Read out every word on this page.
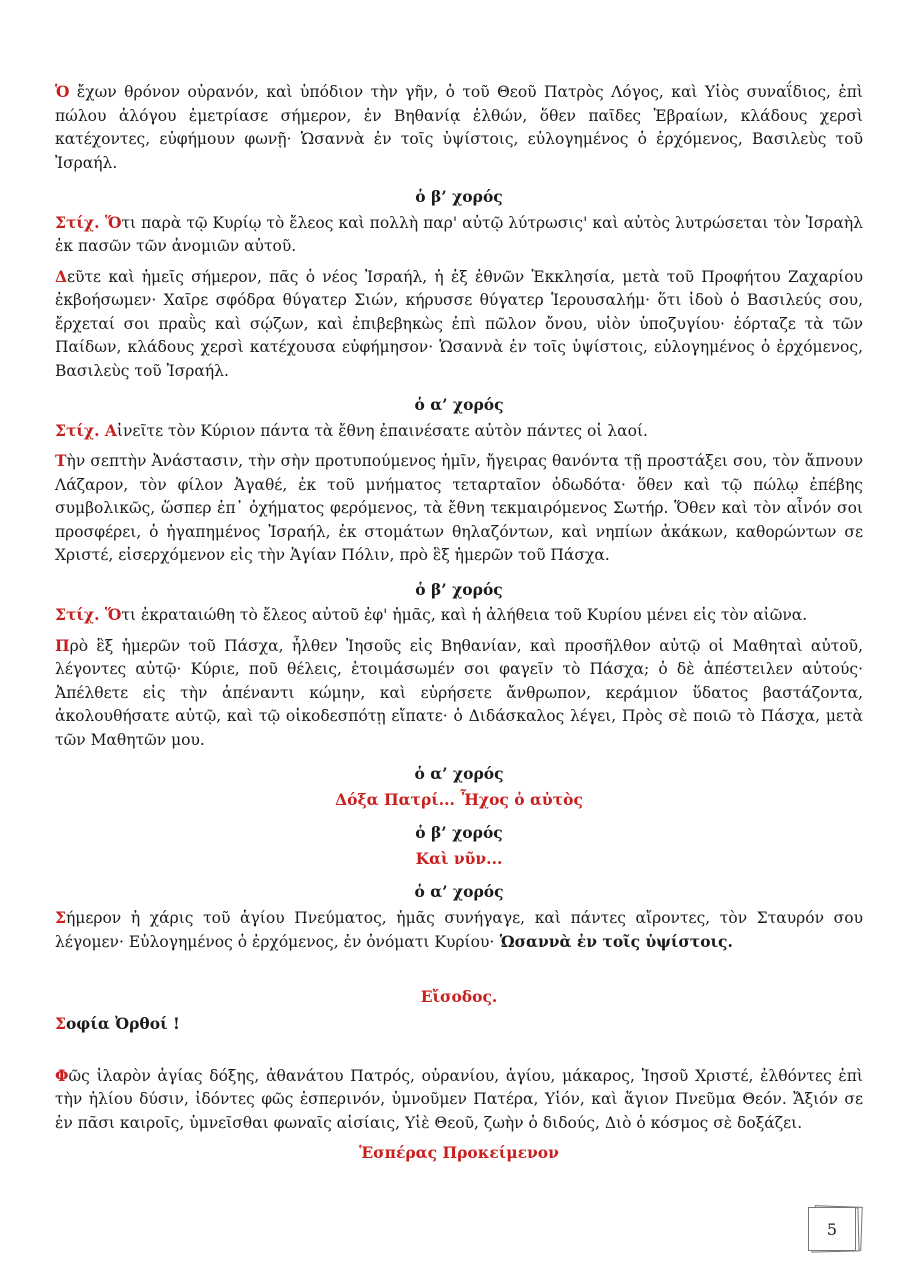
Ὁ ἔχων θρόνον οὐρανόν, καὶ ὑπόδιον τὴν γῆν, ὁ τοῦ Θεοῦ Πατρὸς Λόγος, καὶ Υἱὸς συναΐδιος, ἐπὶ πώλου ἀλόγου ἐμετρίασε σήμερον, ἐν Βηθανίᾳ ἐλθών, ὅθεν παῖδες Ἑβραίων, κλάδους χερσὶ κατέχοντες, εὐφήμουν φωνῇ· Ὡσαννὰ ἐν τοῖς ὑψίστοις, εὐλογημένος ὁ ἐρχόμενος, Βασιλεὺς τοῦ Ἰσραήλ.

ὁ β’ χορός

Στίχ. Ὅτι παρὰ τῷ Κυρίῳ τὸ ἔλεος καὶ πολλὴ παρ' αὐτῷ λύτρωσις' καὶ αὐτὸς λυτρώσεται τὸν Ἰσραὴλ ἐκ πασῶν τῶν ἀνομιῶν αὐτοῦ.

Δεῦτε καὶ ἡμεῖς σήμερον, πᾶς ὁ νέος Ἰσραήλ, ἡ ἐξ ἐθνῶν Ἐκκλησία, μετὰ τοῦ Προφήτου Ζαχαρίου ἐκβοήσωμεν· Χαῖρε σφόδρα θύγατερ Σιών, κήρυσσε θύγατερ Ἱερουσαλήμ· ὅτι ἰδοὺ ὁ Βασιλεύς σου, ἔρχεταί σοι πραῢς καὶ σῴζων, καὶ ἐπιβεβηκὼς ἐπὶ πῶλον ὄνου, υἱὸν ὑποζυγίου· ἑόρταζε τὰ τῶν Παίδων, κλάδους χερσὶ κατέχουσα εὐφήμησον· Ὡσαννὰ ἐν τοῖς ὑψίστοις, εὐλογημένος ὁ ἐρχόμενος, Βασιλεὺς τοῦ Ἰσραήλ.

ὁ α’ χορός

Στίχ. Αἰνεῖτε τὸν Κύριον πάντα τὰ ἔθνη ἐπαινέσατε αὐτὸν πάντες οἱ λαοί.

Τὴν σεπτὴν Ἀνάστασιν, τὴν σὴν προτυπούμενος ἡμῖν, ἤγειρας θανόντα τῇ προστάξει σου, τὸν ἄπνουν Λάζαρον, τὸν φίλον Ἀγαθέ, ἐκ τοῦ μνήματος τεταρταῖον ὀδωδότα· ὅθεν καὶ τῷ πώλῳ ἐπέβης συμβολικῶς, ὥσπερ ἐπ᾽ ὀχήματος φερόμενος, τὰ ἔθνη τεκμαιρόμενος Σωτήρ. Ὅθεν καὶ τὸν αἶνόν σοι προσφέρει, ὁ ἠγαπημένος Ἰσραήλ, ἐκ στομάτων θηλαζόντων, καὶ νηπίων ἀκάκων, καθορώντων σε Χριστέ, εἰσερχόμενον εἰς τὴν Ἁγίαν Πόλιν, πρὸ ἓξ ἡμερῶν τοῦ Πάσχα.

ὁ β’ χορός

Στίχ. Ὅτι ἐκραταιώθη τὸ ἔλεος αὐτοῦ ἐφ' ἡμᾶς, καὶ ἡ ἀλήθεια τοῦ Κυρίου μένει εἰς τὸν αἰῶνα.

Πρὸ ἓξ ἡμερῶν τοῦ Πάσχα, ἦλθεν Ἰησοῦς εἰς Βηθανίαν, καὶ προσῆλθον αὐτῷ οἱ Μαθηταὶ αὐτοῦ, λέγοντες αὐτῷ· Κύριε, ποῦ θέλεις, ἑτοιμάσωμέν σοι φαγεῖν τὸ Πάσχα; ὁ δὲ ἀπέστειλεν αὐτούς· Ἀπέλθετε εἰς τὴν ἀπέναντι κώμην, καὶ εὑρήσετε ἄνθρωπον, κεράμιον ὕδατος βαστάζοντα, ἀκολουθήσατε αὐτῷ, καὶ τῷ οἰκοδεσπότῃ εἴπατε· ὁ Διδάσκαλος λέγει, Πρὸς σὲ ποιῶ τὸ Πάσχα, μετὰ τῶν Μαθητῶν μου.

ὁ α’ χορός
Δόξα Πατρί... Ἦχος ὁ αὐτὸς
ὁ β’ χορός
Καὶ νῦν...
ὁ α’ χορός

Σήμερον ἡ χάρις τοῦ ἁγίου Πνεύματος, ἡμᾶς συνήγαγε, καὶ πάντες αἴροντες, τὸν Σταυρόν σου λέγομεν· Εὐλογημένος ὁ ἐρχόμενος, ἐν ὀνόματι Κυρίου· Ὡσαννὰ ἐν τοῖς ὑψίστοις.

Εἴσοδος.

Σοφία Ὀρθοί !

Φῶς ἱλαρὸν ἁγίας δόξης, ἀθανάτου Πατρός, οὐρανίου, ἁγίου, μάκαρος, Ἰησοῦ Χριστέ, ἐλθόντες ἐπὶ τὴν ἡλίου δύσιν, ἰδόντες φῶς ἑσπερινόν, ὑμνοῦμεν Πατέρα, Υἱόν, καὶ ἅγιον Πνεῦμα Θεόν. Ἄξιόν σε ἐν πᾶσι καιροῖς, ὑμνεῖσθαι φωναῖς αἰσίαις, Υἱὲ Θεοῦ, ζωὴν ὁ διδούς, Διὸ ὁ κόσμος σὲ δοξάζει.

Ἑσπέρας Προκείμενον
5
